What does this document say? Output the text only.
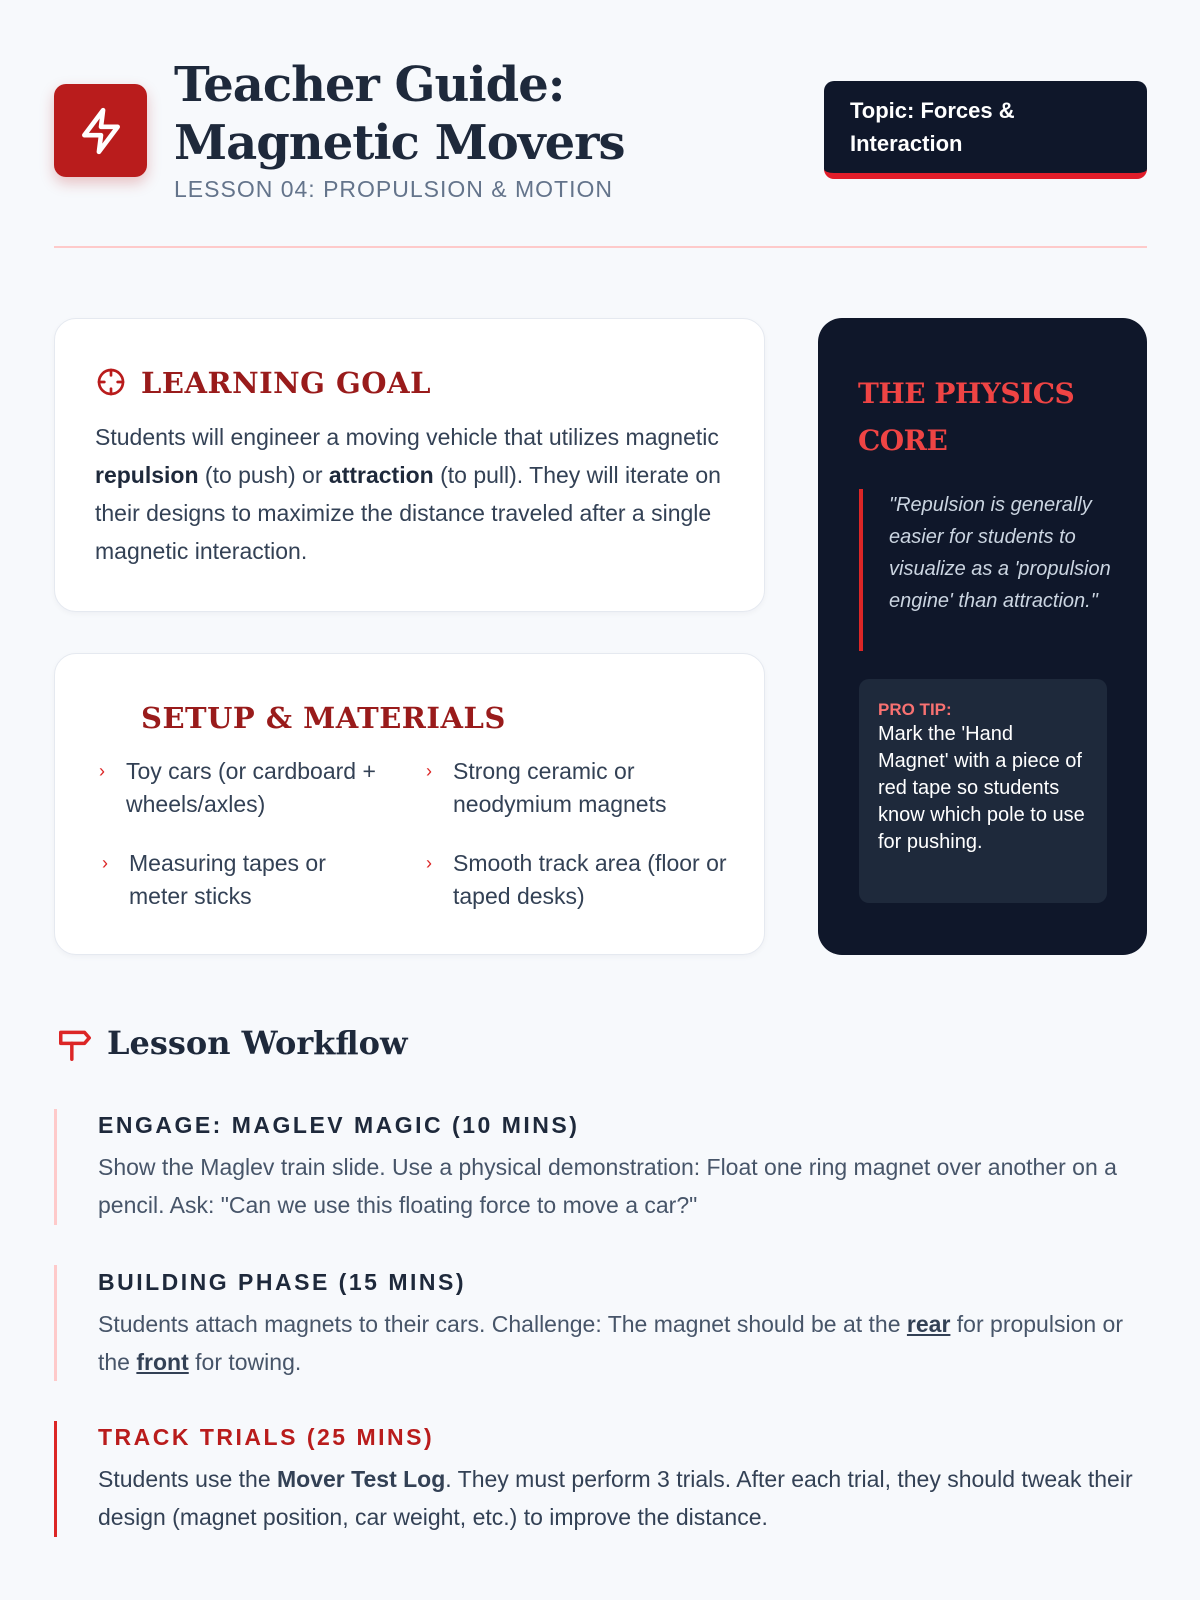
Teacher Guide: Magnetic Movers
LESSON 04: PROPULSION & MOTION
Topic: Forces & Interaction
LEARNING GOAL

Students will engineer a moving vehicle that utilizes magnetic repulsion (to push) or attraction (to pull). They will iterate on their designs to maximize the distance traveled after a single magnetic interaction.

SETUP & MATERIALS
› Toy cars (or cardboard + wheels/axles)
› Strong ceramic or neodymium magnets
› Measuring tapes or meter sticks
› Smooth track area (floor or taped desks)
THE PHYSICS CORE

"Repulsion is generally easier for students to visualize as a 'propulsion engine' than attraction."

PRO TIP:
Mark the 'Hand Magnet' with a piece of red tape so students know which pole to use for pushing.
Lesson Workflow
ENGAGE: MAGLEV MAGIC (10 MINS)

Show the Maglev train slide. Use a physical demonstration: Float one ring magnet over another on a pencil. Ask: "Can we use this floating force to move a car?"

BUILDING PHASE (15 MINS)

Students attach magnets to their cars. Challenge: The magnet should be at the rear for propulsion or the front for towing.

TRACK TRIALS (25 MINS)

Students use the Mover Test Log. They must perform 3 trials. After each trial, they should tweak their design (magnet position, car weight, etc.) to improve the distance.
